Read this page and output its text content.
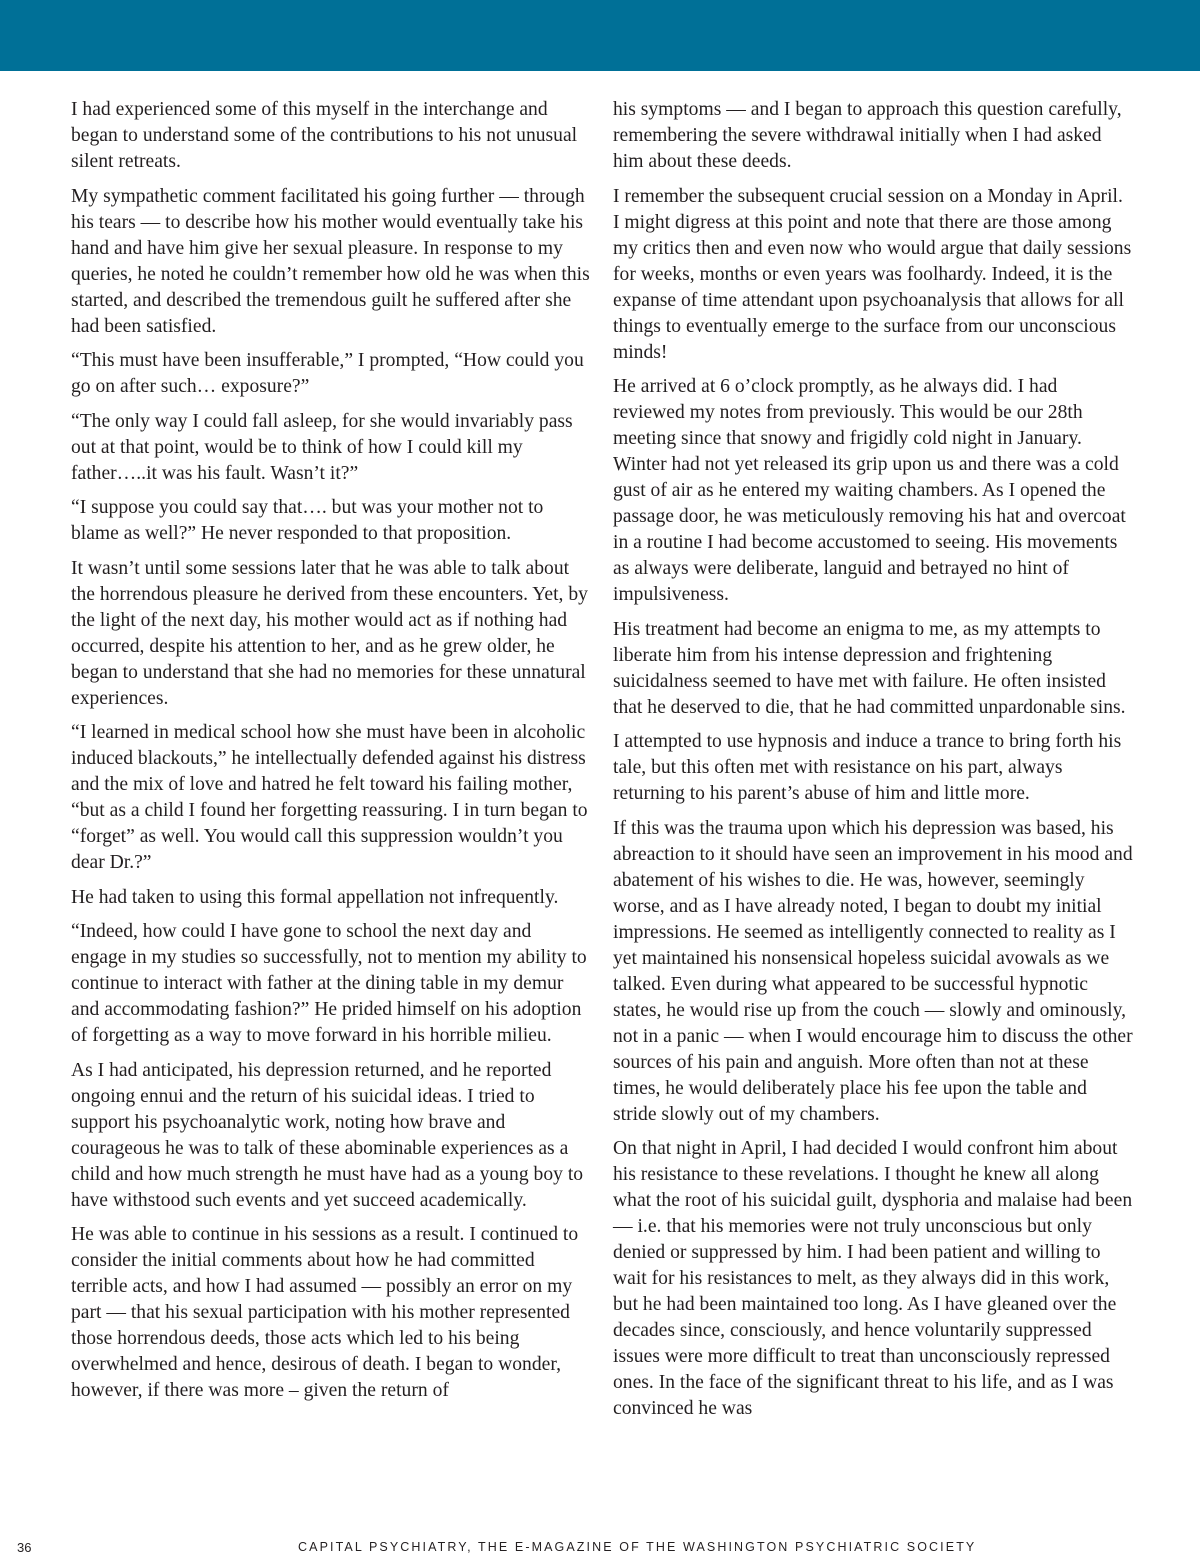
I had experienced some of this myself in the interchange and began to understand some of the contributions to his not unusual silent retreats.

My sympathetic comment facilitated his going further — through his tears — to describe how his mother would eventually take his hand and have him give her sexual pleasure. In response to my queries, he noted he couldn’t remember how old he was when this started, and described the tremendous guilt he suffered after she had been satisfied.

“This must have been insufferable,” I prompted, “How could you go on after such… exposure?”

“The only way I could fall asleep, for she would invariably pass out at that point, would be to think of how I could kill my father…..it was his fault. Wasn’t it?”

“I suppose you could say that…. but was your mother not to blame as well?” He never responded to that proposition.

It wasn’t until some sessions later that he was able to talk about the horrendous pleasure he derived from these encounters. Yet, by the light of the next day, his mother would act as if nothing had occurred, despite his attention to her, and as he grew older, he began to understand that she had no memories for these unnatural experiences.

“I learned in medical school how she must have been in alcoholic induced blackouts,” he intellectually defended against his distress and the mix of love and hatred he felt toward his failing mother, “but as a child I found her forgetting reassuring. I in turn began to “forget” as well. You would call this suppression wouldn’t you dear Dr.?”

He had taken to using this formal appellation not infrequently.

“Indeed, how could I have gone to school the next day and engage in my studies so successfully, not to mention my ability to continue to interact with father at the dining table in my demur and accommodating fashion?” He prided himself on his adoption of forgetting as a way to move forward in his horrible milieu.

As I had anticipated, his depression returned, and he reported ongoing ennui and the return of his suicidal ideas. I tried to support his psychoanalytic work, noting how brave and courageous he was to talk of these abominable experiences as a child and how much strength he must have had as a young boy to have withstood such events and yet succeed academically.

He was able to continue in his sessions as a result. I continued to consider the initial comments about how he had committed terrible acts, and how I had assumed — possibly an error on my part — that his sexual participation with his mother represented those horrendous deeds, those acts which led to his being overwhelmed and hence, desirous of death. I began to wonder, however, if there was more – given the return of

his symptoms — and I began to approach this question carefully, remembering the severe withdrawal initially when I had asked him about these deeds.

I remember the subsequent crucial session on a Monday in April. I might digress at this point and note that there are those among my critics then and even now who would argue that daily sessions for weeks, months or even years was foolhardy. Indeed, it is the expanse of time attendant upon psychoanalysis that allows for all things to eventually emerge to the surface from our unconscious minds!

He arrived at 6 o’clock promptly, as he always did. I had reviewed my notes from previously. This would be our 28th meeting since that snowy and frigidly cold night in January. Winter had not yet released its grip upon us and there was a cold gust of air as he entered my waiting chambers. As I opened the passage door, he was meticulously removing his hat and overcoat in a routine I had become accustomed to seeing. His movements as always were deliberate, languid and betrayed no hint of impulsiveness.

His treatment had become an enigma to me, as my attempts to liberate him from his intense depression and frightening suicidalness seemed to have met with failure. He often insisted that he deserved to die, that he had committed unpardonable sins.

I attempted to use hypnosis and induce a trance to bring forth his tale, but this often met with resistance on his part, always returning to his parent’s abuse of him and little more.

If this was the trauma upon which his depression was based, his abreaction to it should have seen an improvement in his mood and abatement of his wishes to die. He was, however, seemingly worse, and as I have already noted, I began to doubt my initial impressions. He seemed as intelligently connected to reality as I yet maintained his nonsensical hopeless suicidal avowals as we talked. Even during what appeared to be successful hypnotic states, he would rise up from the couch — slowly and ominously, not in a panic — when I would encourage him to discuss the other sources of his pain and anguish. More often than not at these times, he would deliberately place his fee upon the table and stride slowly out of my chambers.

On that night in April, I had decided I would confront him about his resistance to these revelations. I thought he knew all along what the root of his suicidal guilt, dysphoria and malaise had been — i.e. that his memories were not truly unconscious but only denied or suppressed by him. I had been patient and willing to wait for his resistances to melt, as they always did in this work, but he had been maintained too long. As I have gleaned over the decades since, consciously, and hence voluntarily suppressed issues were more difficult to treat than unconsciously repressed ones. In the face of the significant threat to his life, and as I was convinced he was

36	CAPITAL PSYCHIATRY, THE E-MAGAZINE OF THE WASHINGTON PSYCHIATRIC SOCIETY
